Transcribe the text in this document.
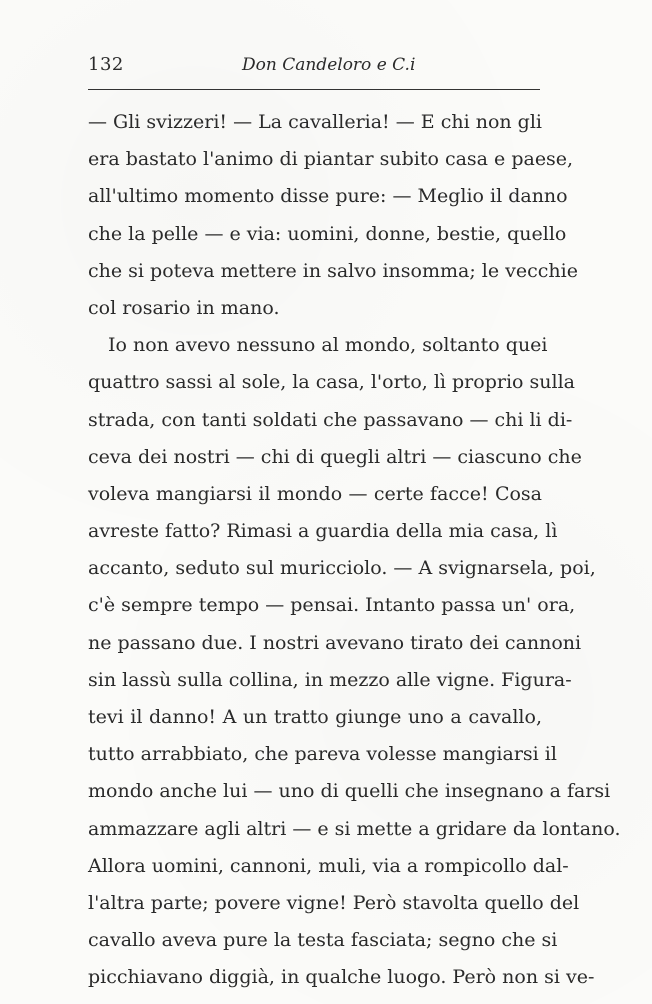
132	Don Candeloro e C.i
— Gli svizzeri! — La cavalleria! — E chi non gli
era bastato l'animo di piantar subito casa e paese,
all'ultimo momento disse pure: — Meglio il danno
che la pelle — e via: uomini, donne, bestie, quello
che si poteva mettere in salvo insomma; le vecchie
col rosario in mano.
Io non avevo nessuno al mondo, soltanto quei
quattro sassi al sole, la casa, l'orto, lì proprio sulla
strada, con tanti soldati che passavano — chi li di-
ceva dei nostri — chi di quegli altri — ciascuno che
voleva mangiarsi il mondo — certe facce! Cosa
avreste fatto? Rimasi a guardia della mia casa, lì
accanto, seduto sul muricciolo. — A svignarsela, poi,
c'è sempre tempo — pensai. Intanto passa un' ora,
ne passano due. I nostri avevano tirato dei cannoni
sin lassù sulla collina, in mezzo alle vigne. Figura-
tevi il danno! A un tratto giunge uno a cavallo,
tutto arrabbiato, che pareva volesse mangiarsi il
mondo anche lui — uno di quelli che insegnano a farsi
ammazzare agli altri — e si mette a gridare da lontano.
Allora uomini, cannoni, muli, via a rompicollo dal-
l'altra parte; povere vigne! Però stavolta quello del
cavallo aveva pure la testa fasciata; segno che si
picchiavano diggià, in qualche luogo. Però non si ve-
